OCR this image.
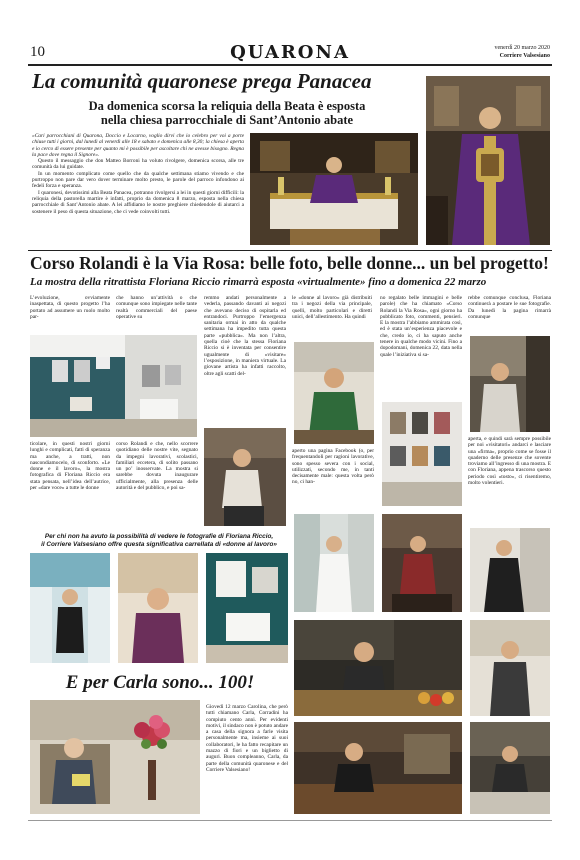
10	QUARONA	venerdì 20 marzo 2020
Corriere Valsesiano
La comunità quaronese prega Panacea
Da domenica scorsa la reliquia della Beata è esposta
nella chiesa parrocchiale di Sant’Antonio abate

«Cari parrocchiani di Quarona, Doccio e Locarno, voglio dirvi che io celebro per voi a porte chiuse tutti i giorni, dal lunedì al venerdì alle 18 e sabato e domenica alle 8,30; la chiesa è aperta e io cerco di essere presente per quanto mi è possibile per ascoltare chi ne avesse bisogno. Regna la pace dove regna il Signore».

Questo il messaggio che don Matteo Borroni ha voluto rivolgere, domenica scorsa, alle tre comunità da lui guidate.

In un momento complicato come quello che da qualche settimana stiamo vivendo e che purtroppo non pare dar vero dover terminare molto presto, le parole del parroco infondono ai fedeli forza e speranza.

I quaronesi, devotissimi alla Beata Panacea, potranno rivolgersi a lei in questi giorni difficili: la reliquia della pastorella martire è infatti, proprio da domenica 8 marzo, esposta nella chiesa parrocchiale di Sant’Antonio abate. A lei affidiamo le nostre preghiere chiedendole di aiutarci a sostenere il peso di questa situazione, che ci vede coinvolti tutti.

Corso Rolandi è la Via Rosa: belle foto, belle donne... un bel progetto!
La mostra della ritrattista Floriana Riccio rimarrà esposta «virtualmente» fino a domenica 22 marzo
L’evoluzione, ovviamente inaspettata, di questo progetto l’ha portato ad assumere un ruolo molto par-
che hanno un’attività o che comunque sono impiegate nelle tante realtà commerciali del paese operative su
remmo andati personalmente a vederla, passando davanti ai negozi che avevano deciso di ospitarla ed entrandoci. Purtroppo l’emergenza sanitaria ormai in atto da qualche settimana ha impedito tutta questa parte «pubblica». Ma non l’altra, quella cioè che la stessa Floriana Riccio si è inventata per consentire ugualmente di «visitare» l’esposizione, in maniera virtuale. La giovane artista ha infatti raccolto, oltre agli scatti del-
le «donne al lavoro» già distribuiti tra i negozi della via principale, quelli, molto particolari e diretti unici, dell’allestimento. Ha quindi
no regalato belle immagini e belle parole) che ha chiamato «Corso Rolandi la Via Rosa», ogni giorno ha pubblicato foto, commenti, pensieri. E la mostra l’abbiamo ammirata così, ed è stata un’esperienza piacevole e che, credo io, ci ha saputo anche tenere in qualche modo vicini. Fino a dopodomani, domenica 22, data nella quale l’iniziativa si sa-
rebbe comunque conclusa, Floriana continuerà a postare le sue fotografie. Da lunedì la pagina rimarrà comunque
ticolare, in questi nostri giorni lunghi e complicati, fatti di speranza ma anche, a tratti, non nascondiamocelo, di sconforto. «Le donne e il lavoro», la mostra fotografica di Floriana Riccio era stata pensata, nell’idea dell’autrice, per «dare voce» a tutte le donne
corso Rolandi e che, nello scorrere quotidiano delle nostre vite, segnato da impegni lavorativi, scolastici, familiari eccetera, di solito passano un po’ inosservate. La mostra si sarebbe dovuta inaugurare ufficialmente, alla presenza delle autorità e del pubblico, e poi sa-
aperto una pagina Facebook (o, per frequentandoli per ragioni lavorative, sono spesso severa con i social, utilizzati, secondo me, in tanti decisamente male: questa volta però no, ci han-
aperta, e quindi sarà sempre possibile per noi «visitatori» andarci e lasciare una «firma», proprio come se fosse il quaderno delle presenze che sovente troviamo all’ingresso di una mostra. E con Floriana, appena trascorso questo periodo così «tosto», ci risentiremo, molto volentieri.
Per chi non ha avuto la possibilità di vedere le fotografie di Floriana Riccio,
il Corriere Valsesiano offre questa significativa carrellata di «donne al lavoro»
E per Carla sono... 100!
Giovedì 12 marzo Carolina, che però tutti chiamano Carla, Corradini ha compiuto cento anni. Per evidenti motivi, il sindaco non è potuto andare a casa della signora a farle visita personalmente ma, insieme ai suoi collaboratori, le ha fatto recapitare un mazzo di fiori e un biglietto di auguri. Buon compleanno, Carla, da parte della comunità quaronese e del Corriere Valsesiano!
